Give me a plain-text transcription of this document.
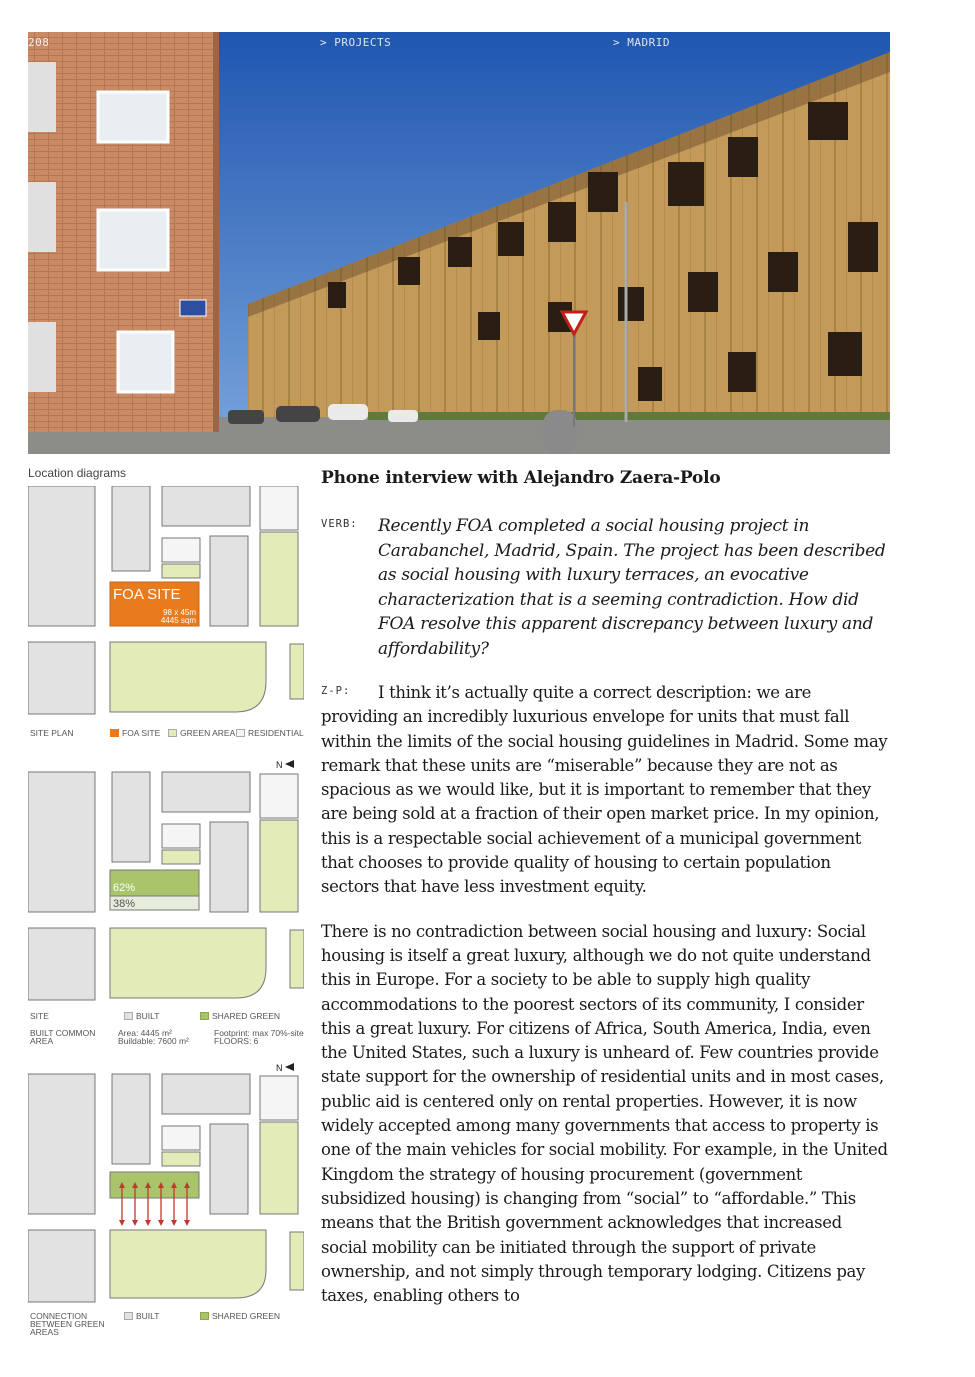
208	> PROJECTS	> MADRID
Location diagrams
FOA SITE
98 x 45m
4445 sqm
SITE PLAN	FOA SITE	GREEN AREA	RESIDENTIAL
N
62%
38%
SITE
BUILT COMMON AREA
BUILT	SHARED GREEN
Area: 4445 m²
Buildable: 7600 m²
Footprint: max 70%-site
FLOORS: 6
N
CONNECTION BETWEEN GREEN AREAS
BUILT	SHARED GREEN
Phone interview with Alejandro Zaera-Polo
VERB: Recently FOA completed a social housing project in Carabanchel, Madrid, Spain. The project has been described as social housing with luxury terraces, an evocative characterization that is a seeming contradiction. How did FOA resolve this apparent discrepancy between luxury and affordability?

Z-P:	I think it’s actually quite a correct description: we are providing an incredibly luxurious envelope for units that must fall within the limits of the social housing guidelines in Madrid. Some may remark that these units are “miserable” because they are not as spacious as we would like, but it is important to remember that they are being sold at a fraction of their open market price. In my opinion, this is a respectable social achievement of a municipal government that chooses to provide quality of housing to certain population sectors that have less investment equity.

There is no contradiction between social housing and luxury: Social housing is itself a great luxury, although we do not quite understand this in Europe. For a society to be able to supply high quality accommodations to the poorest sectors of its community, I consider this a great luxury. For citizens of Africa, South America, India, even the United States, such a luxury is unheard of. Few countries provide state support for the ownership of residential units and in most cases, public aid is centered only on rental properties. However, it is now widely accepted among many governments that access to property is one of the main vehicles for social mobility. For example, in the United Kingdom the strategy of housing procurement (government subsidized housing) is changing from “social” to “affordable.” This means that the British government acknowledges that increased social mobility can be initiated through the support of private ownership, and not simply through temporary lodging. Citizens pay taxes, enabling others to
